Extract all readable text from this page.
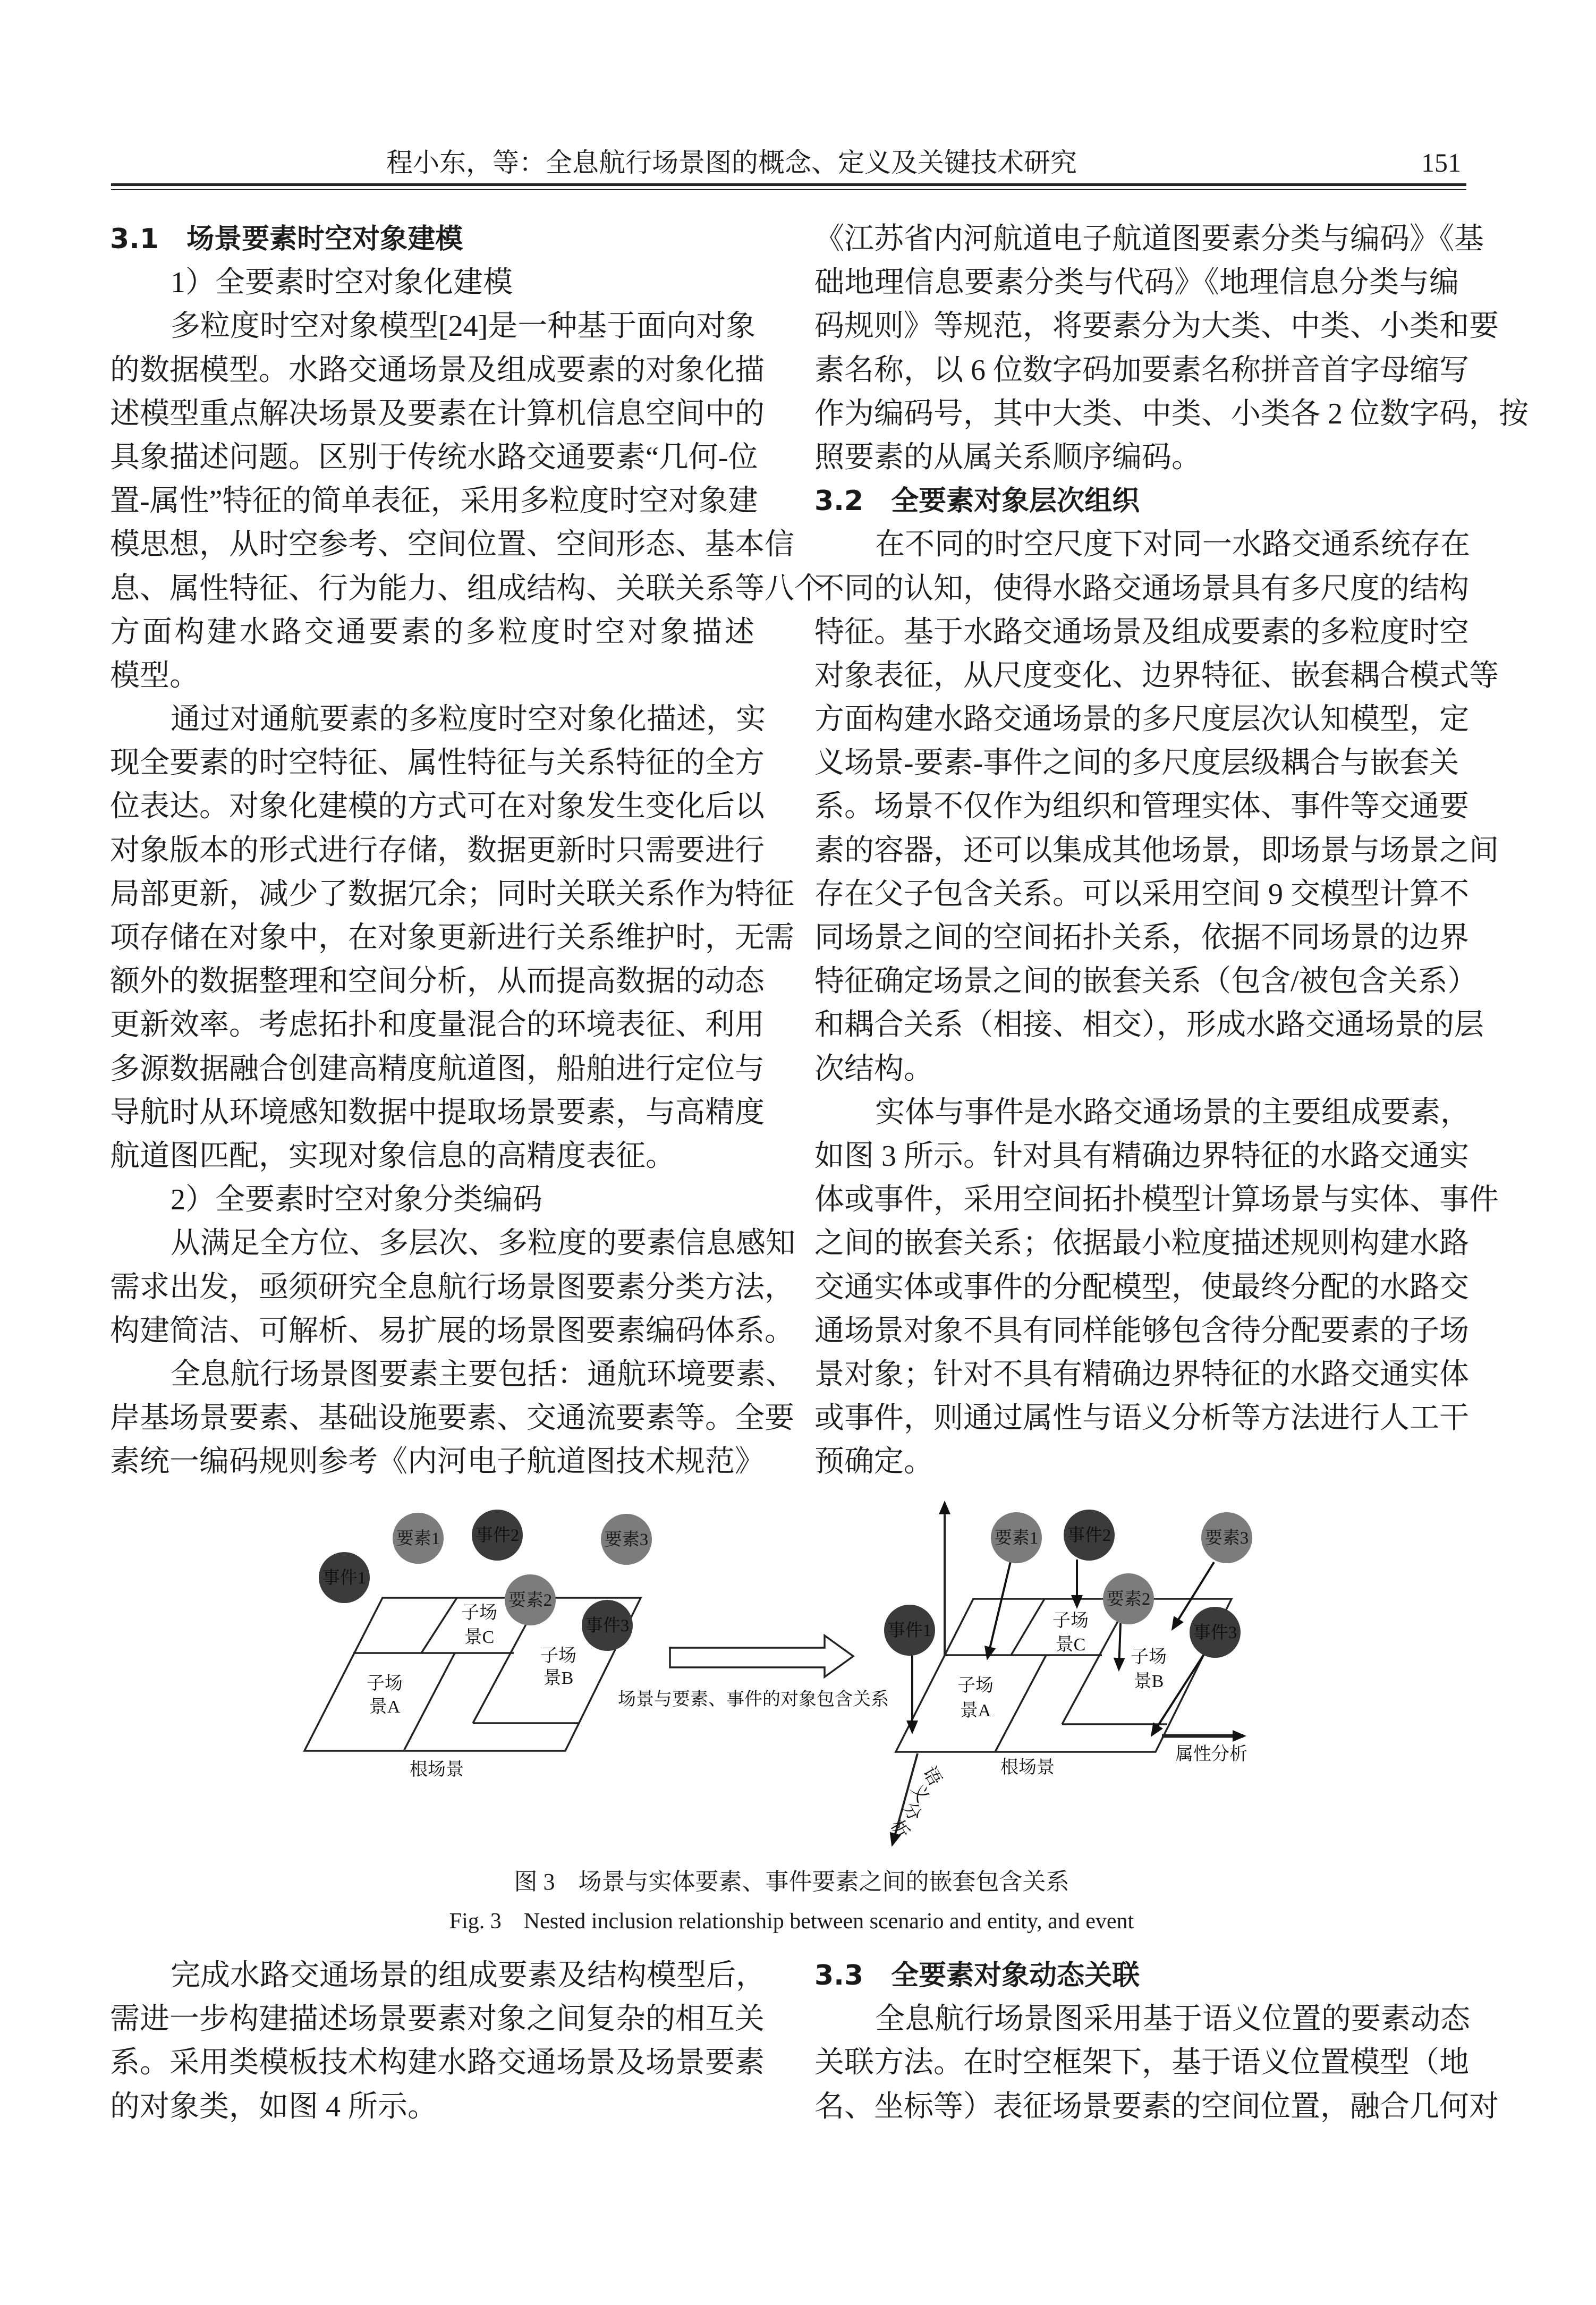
程小东，等：全息航行场景图的概念、定义及关键技术研究	151
3.1　场景要素时空对象建模
1）全要素时空对象化建模
多粒度时空对象模型[24]是一种基于面向对象
的数据模型。水路交通场景及组成要素的对象化描
述模型重点解决场景及要素在计算机信息空间中的
具象描述问题。区别于传统水路交通要素“几何-位
置-属性”特征的简单表征，采用多粒度时空对象建
模思想，从时空参考、空间位置、空间形态、基本信
息、属性特征、行为能力、组成结构、关联关系等八个
方面构建水路交通要素的多粒度时空对象描述
模型。
通过对通航要素的多粒度时空对象化描述，实
现全要素的时空特征、属性特征与关系特征的全方
位表达。对象化建模的方式可在对象发生变化后以
对象版本的形式进行存储，数据更新时只需要进行
局部更新，减少了数据冗余；同时关联关系作为特征
项存储在对象中，在对象更新进行关系维护时，无需
额外的数据整理和空间分析，从而提高数据的动态
更新效率。考虑拓扑和度量混合的环境表征、利用
多源数据融合创建高精度航道图，船舶进行定位与
导航时从环境感知数据中提取场景要素，与高精度
航道图匹配，实现对象信息的高精度表征。
2）全要素时空对象分类编码
从满足全方位、多层次、多粒度的要素信息感知
需求出发，亟须研究全息航行场景图要素分类方法，
构建简洁、可解析、易扩展的场景图要素编码体系。
全息航行场景图要素主要包括：通航环境要素、
岸基场景要素、基础设施要素、交通流要素等。全要
素统一编码规则参考《内河电子航道图技术规范》
《江苏省内河航道电子航道图要素分类与编码》《基
础地理信息要素分类与代码》《地理信息分类与编
码规则》等规范，将要素分为大类、中类、小类和要
素名称，以 6 位数字码加要素名称拼音首字母缩写
作为编码号，其中大类、中类、小类各 2 位数字码，按
照要素的从属关系顺序编码。
3.2　全要素对象层次组织
在不同的时空尺度下对同一水路交通系统存在
不同的认知，使得水路交通场景具有多尺度的结构
特征。基于水路交通场景及组成要素的多粒度时空
对象表征，从尺度变化、边界特征、嵌套耦合模式等
方面构建水路交通场景的多尺度层次认知模型，定
义场景-要素-事件之间的多尺度层级耦合与嵌套关
系。场景不仅作为组织和管理实体、事件等交通要
素的容器，还可以集成其他场景，即场景与场景之间
存在父子包含关系。可以采用空间 9 交模型计算不
同场景之间的空间拓扑关系，依据不同场景的边界
特征确定场景之间的嵌套关系（包含/被包含关系）
和耦合关系（相接、相交），形成水路交通场景的层
次结构。
实体与事件是水路交通场景的主要组成要素，
如图 3 所示。针对具有精确边界特征的水路交通实
体或事件，采用空间拓扑模型计算场景与实体、事件
之间的嵌套关系；依据最小粒度描述规则构建水路
交通实体或事件的分配模型，使最终分配的水路交
通场景对象不具有同样能够包含待分配要素的子场
景对象；针对不具有精确边界特征的水路交通实体
或事件，则通过属性与语义分析等方法进行人工干
预确定。
完成水路交通场景的组成要素及结构模型后，
需进一步构建描述场景要素对象之间复杂的相互关
系。采用类模板技术构建水路交通场景及场景要素
的对象类，如图 4 所示。
3.3　全要素对象动态关联
全息航行场景图采用基于语义位置的要素动态
关联方法。在时空框架下，基于语义位置模型（地
名、坐标等）表征场景要素的空间位置，融合几何对
要素1 事件2	要素3
事件1
要素2
事件3
要素1 事件2	要素3
事件1
要素2
事件3
子场
景C
子场
景B
子场
景A
根场景
场景与要素、事件的对象包含关系
子场
景C
子场
景B
子场
景A
根场景
属性分析
语
义
分
析
图 3　场景与实体要素、事件要素之间的嵌套包含关系
Fig. 3　Nested inclusion relationship between scenario and entity, and event
